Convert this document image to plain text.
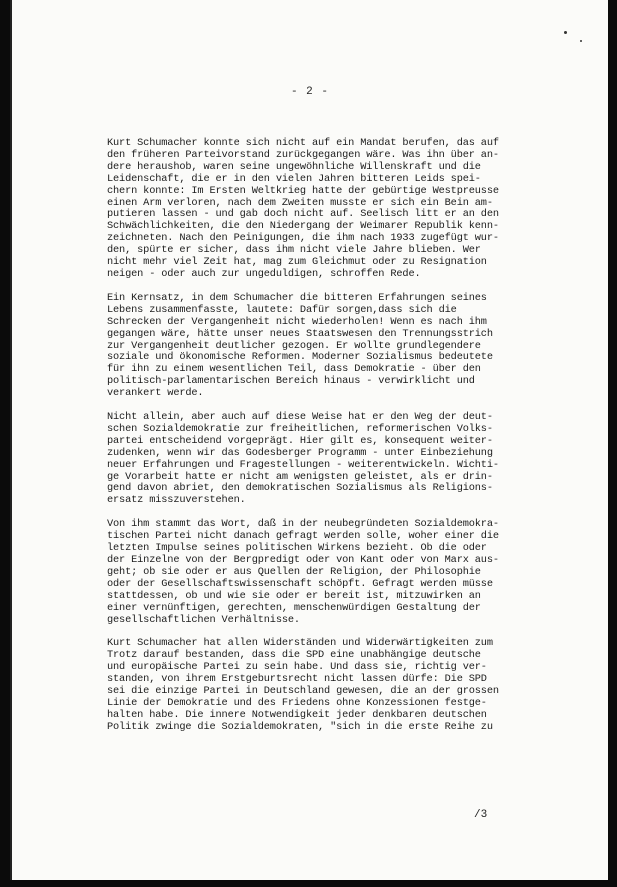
- 2 -

Kurt Schumacher konnte sich nicht auf ein Mandat berufen, das auf
den früheren Parteivorstand zurückgegangen wäre. Was ihn über an-
dere heraushob, waren seine ungewöhnliche Willenskraft und die
Leidenschaft, die er in den vielen Jahren bitteren Leids spei-
chern konnte: Im Ersten Weltkrieg hatte der gebürtige Westpreusse
einen Arm verloren, nach dem Zweiten musste er sich ein Bein am-
putieren lassen - und gab doch nicht auf. Seelisch litt er an den
Schwächlichkeiten, die den Niedergang der Weimarer Republik kenn-
zeichneten. Nach den Peinigungen, die ihm nach 1933 zugefügt wur-
den, spürte er sicher, dass ihm nicht viele Jahre blieben. Wer
nicht mehr viel Zeit hat, mag zum Gleichmut oder zu Resignation
neigen - oder auch zur ungeduldigen, schroffen Rede.

Ein Kernsatz, in dem Schumacher die bitteren Erfahrungen seines
Lebens zusammenfasste, lautete: Dafür sorgen,dass sich die
Schrecken der Vergangenheit nicht wiederholen! Wenn es nach ihm
gegangen wäre, hätte unser neues Staatswesen den Trennungsstrich
zur Vergangenheit deutlicher gezogen. Er wollte grundlegendere
soziale und ökonomische Reformen. Moderner Sozialismus bedeutete
für ihn zu einem wesentlichen Teil, dass Demokratie - über den
politisch-parlamentarischen Bereich hinaus - verwirklicht und
verankert werde.

Nicht allein, aber auch auf diese Weise hat er den Weg der deut-
schen Sozialdemokratie zur freiheitlichen, reformerischen Volks-
partei entscheidend vorgeprägt. Hier gilt es, konsequent weiter-
zudenken, wenn wir das Godesberger Programm - unter Einbeziehung
neuer Erfahrungen und Fragestellungen - weiterentwickeln. Wichti-
ge Vorarbeit hatte er nicht am wenigsten geleistet, als er drin-
gend davon abriet, den demokratischen Sozialismus als Religions-
ersatz misszuverstehen.

Von ihm stammt das Wort, daß in der neubegründeten Sozialdemokra-
tischen Partei nicht danach gefragt werden solle, woher einer die
letzten Impulse seines politischen Wirkens bezieht. Ob die oder
der Einzelne von der Bergpredigt oder von Kant oder von Marx aus-
geht; ob sie oder er aus Quellen der Religion, der Philosophie
oder der Gesellschaftswissenschaft schöpft. Gefragt werden müsse
stattdessen, ob und wie sie oder er bereit ist, mitzuwirken an
einer vernünftigen, gerechten, menschenwürdigen Gestaltung der
gesellschaftlichen Verhältnisse.

Kurt Schumacher hat allen Widerständen und Widerwärtigkeiten zum
Trotz darauf bestanden, dass die SPD eine unabhängige deutsche
und europäische Partei zu sein habe. Und dass sie, richtig ver-
standen, von ihrem Erstgeburtsrecht nicht lassen dürfe: Die SPD
sei die einzige Partei in Deutschland gewesen, die an der grossen
Linie der Demokratie und des Friedens ohne Konzessionen festge-
halten habe. Die innere Notwendigkeit jeder denkbaren deutschen
Politik zwinge die Sozialdemokraten, "sich in die erste Reihe zu

/3
